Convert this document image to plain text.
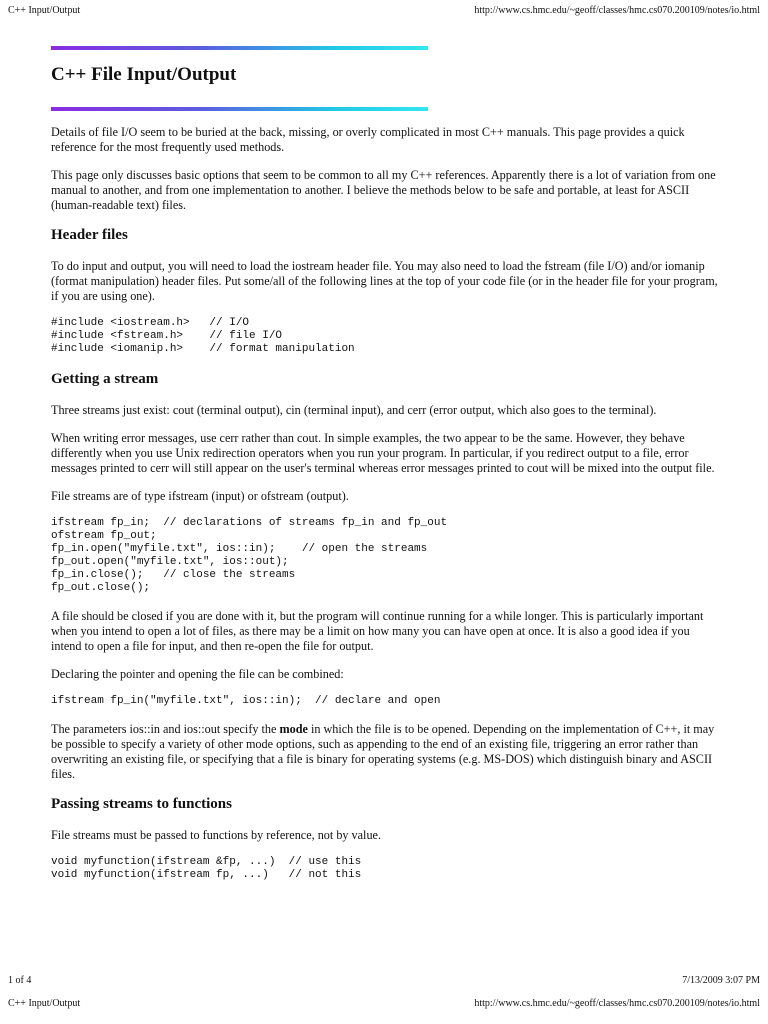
C++ Input/Output	http://www.cs.hmc.edu/~geoff/classes/hmc.cs070.200109/notes/io.html
C++ File Input/Output

Details of file I/O seem to be buried at the back, missing, or overly complicated in most C++ manuals. This page provides a quick reference for the most frequently used methods.

This page only discusses basic options that seem to be common to all my C++ references. Apparently there is a lot of variation from one manual to another, and from one implementation to another. I believe the methods below to be safe and portable, at least for ASCII (human-readable text) files.

Header files

To do input and output, you will need to load the iostream header file. You may also need to load the fstream (file I/O) and/or iomanip (format manipulation) header files. Put some/all of the following lines at the top of your code file (or in the header file for your program, if you are using one).

#include <iostream.h>   // I/O
#include <fstream.h>    // file I/O
#include <iomanip.h>    // format manipulation
Getting a stream

Three streams just exist: cout (terminal output), cin (terminal input), and cerr (error output, which also goes to the terminal).

When writing error messages, use cerr rather than cout. In simple examples, the two appear to be the same. However, they behave differently when you use Unix redirection operators when you run your program. In particular, if you redirect output to a file, error messages printed to cerr will still appear on the user's terminal whereas error messages printed to cout will be mixed into the output file.

File streams are of type ifstream (input) or ofstream (output).

ifstream fp_in;  // declarations of streams fp_in and fp_out
ofstream fp_out;
fp_in.open("myfile.txt", ios::in);    // open the streams
fp_out.open("myfile.txt", ios::out);
fp_in.close();   // close the streams
fp_out.close();

A file should be closed if you are done with it, but the program will continue running for a while longer. This is particularly important when you intend to open a lot of files, as there may be a limit on how many you can have open at once. It is also a good idea if you intend to open a file for input, and then re-open the file for output.

Declaring the pointer and opening the file can be combined:

ifstream fp_in("myfile.txt", ios::in);  // declare and open

The parameters ios::in and ios::out specify the mode in which the file is to be opened. Depending on the implementation of C++, it may be possible to specify a variety of other mode options, such as appending to the end of an existing file, triggering an error rather than overwriting an existing file, or specifying that a file is binary for operating systems (e.g. MS-DOS) which distinguish binary and ASCII files.

Passing streams to functions

File streams must be passed to functions by reference, not by value.

void myfunction(ifstream &fp, ...)  // use this
void myfunction(ifstream fp, ...)   // not this
1 of 4	7/13/2009 3:07 PM
C++ Input/Output	http://www.cs.hmc.edu/~geoff/classes/hmc.cs070.200109/notes/io.html
